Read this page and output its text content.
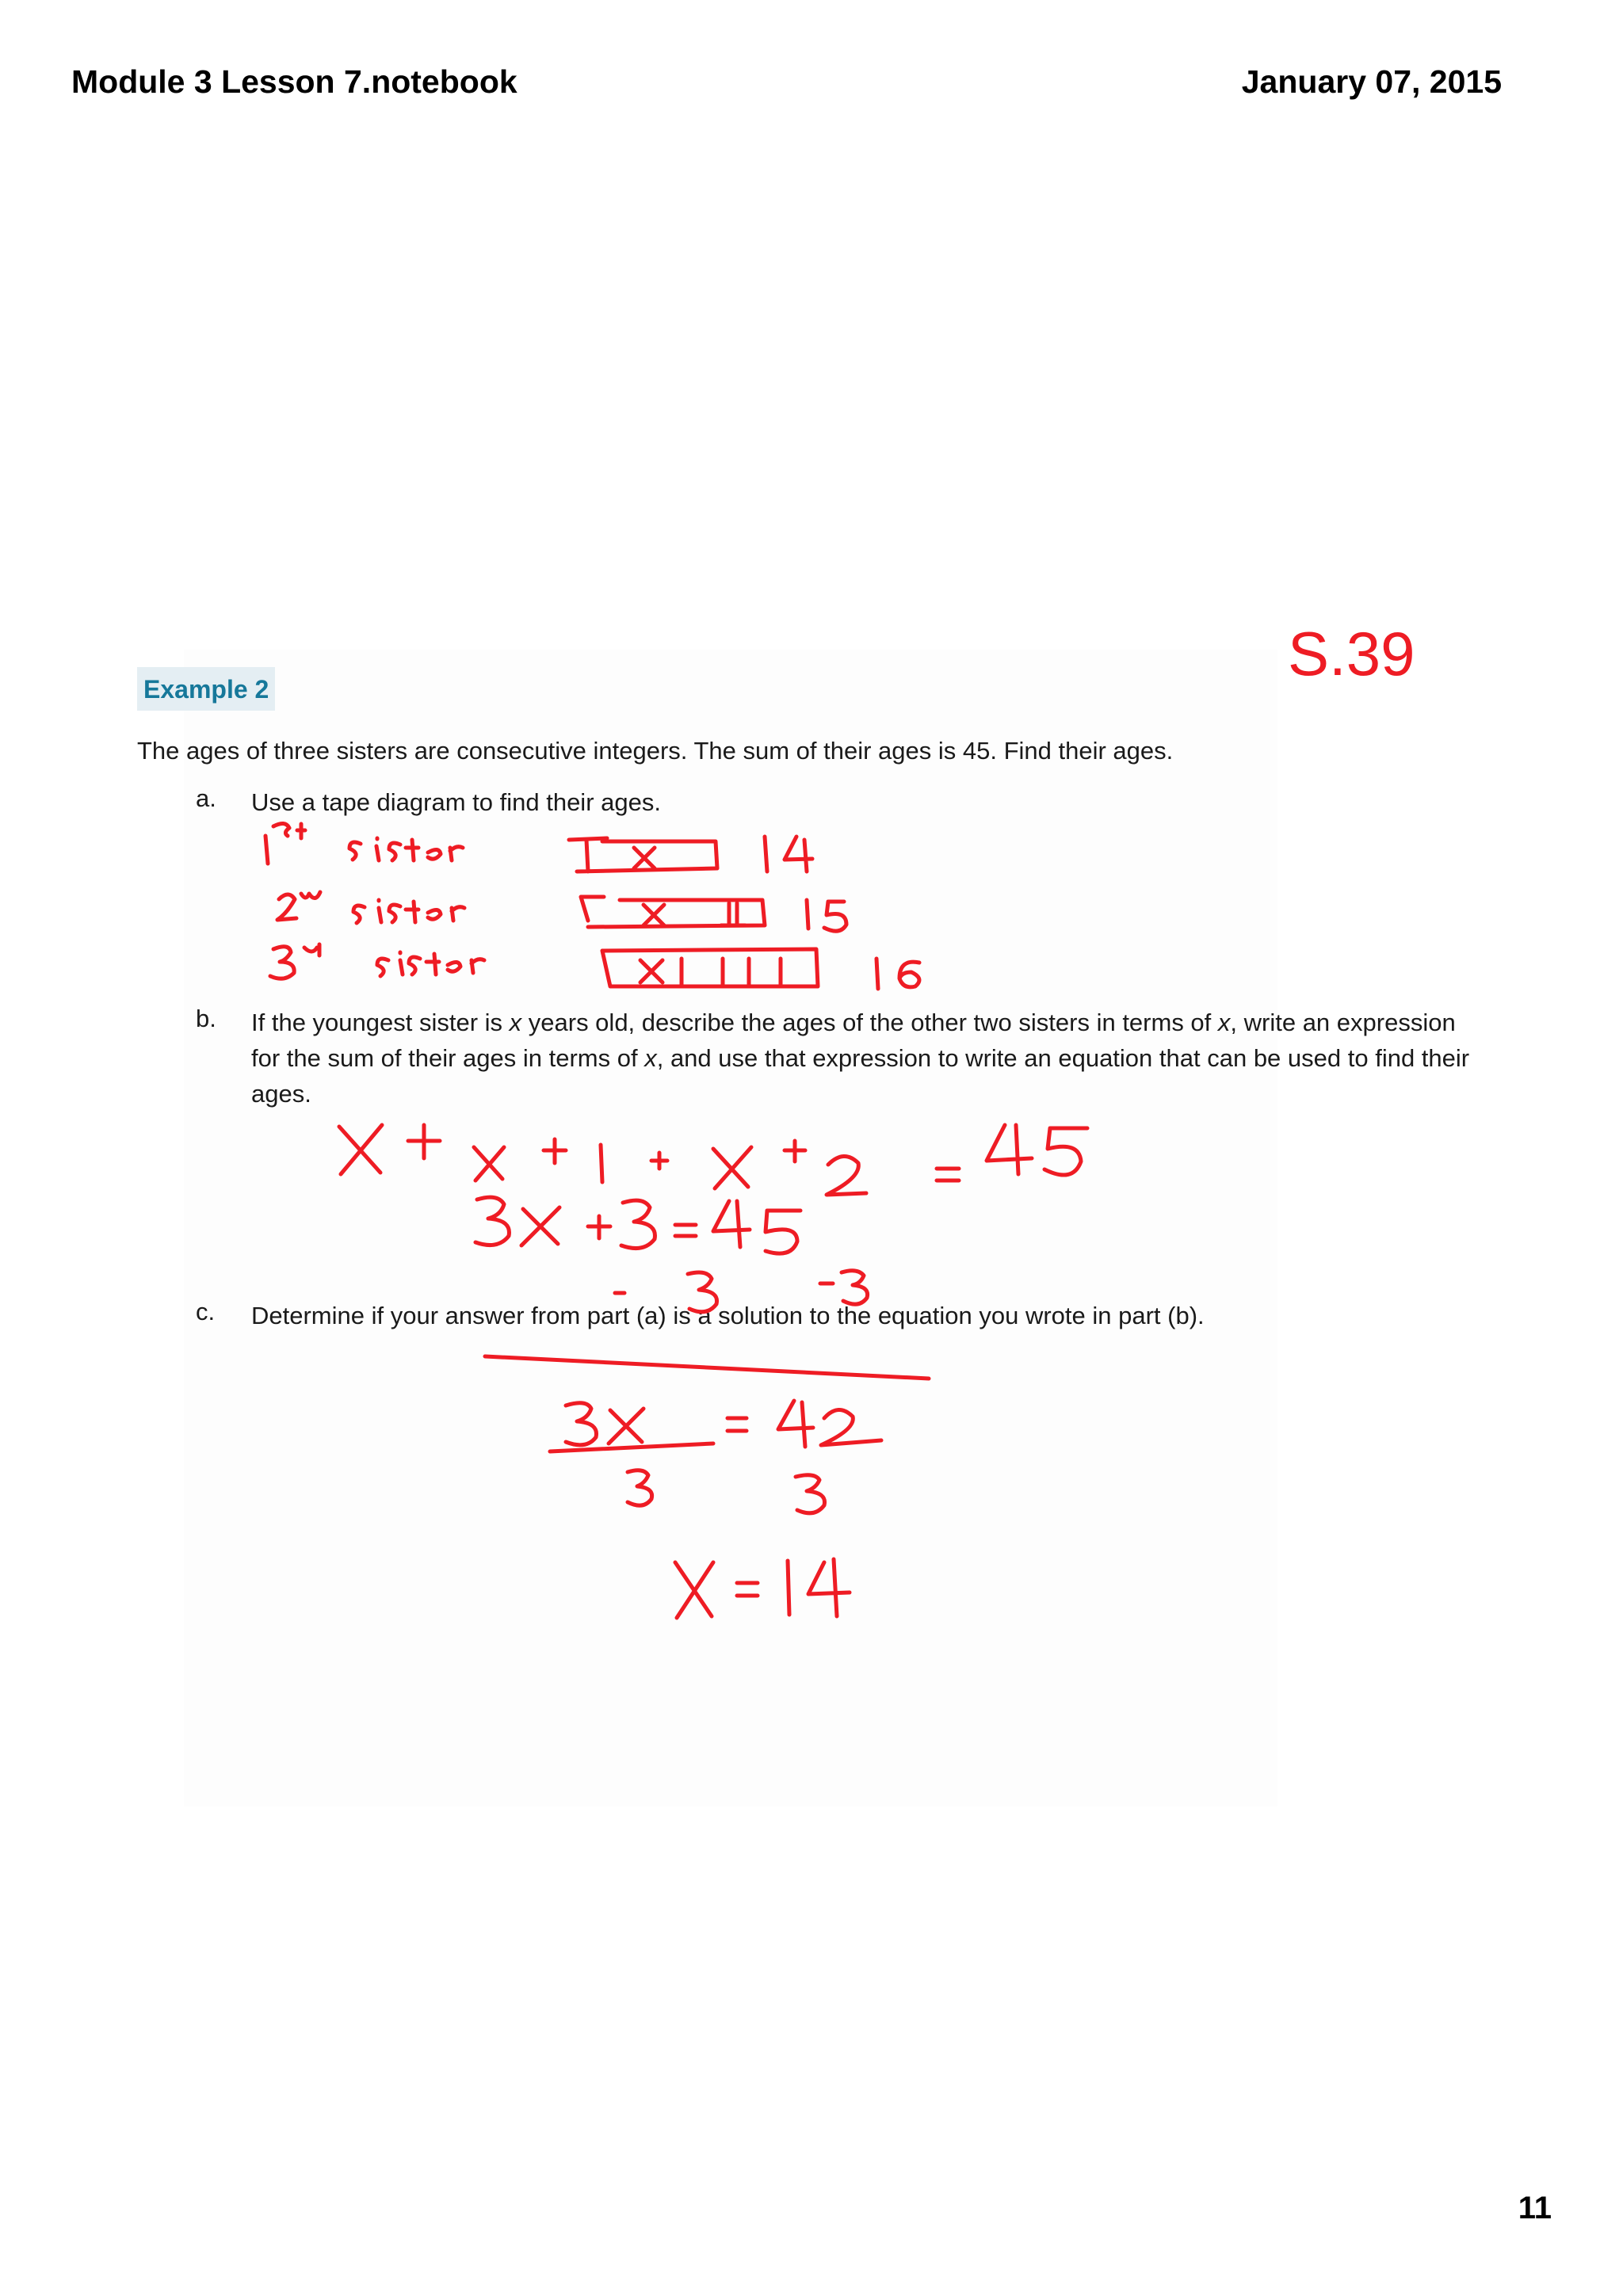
Module 3 Lesson 7.notebook	January 07, 2015
S.39
Example 2
The ages of three sisters are consecutive integers. The sum of their ages is 45. Find their ages.
a. Use a tape diagram to find their ages.
b. If the youngest sister is x years old, describe the ages of the other two sisters in terms of x, write an expression for the sum of their ages in terms of x, and use that expression to write an equation that can be used to find their ages.
c. Determine if your answer from part (a) is a solution to the equation you wrote in part (b).
11
